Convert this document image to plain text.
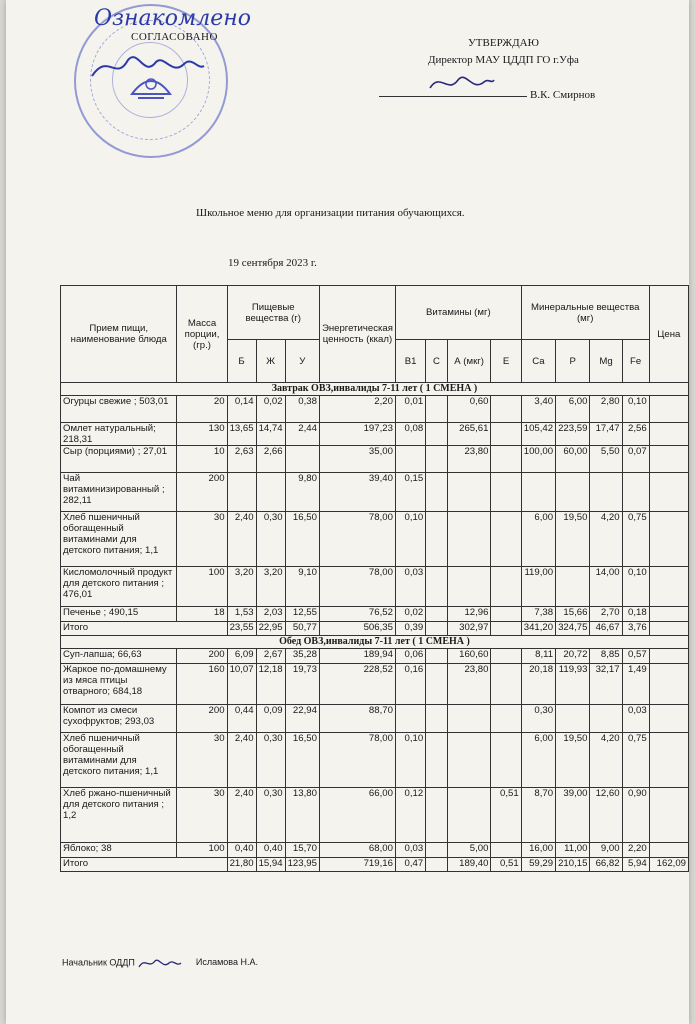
Ознакомлено
СОГЛАСОВАНО	УТВЕРЖДАЮ
Директор МАУ ЦДДП ГО г.Уфа
В.К. Смирнов
Школьное меню для организации питания обучающихся.
19 сентября 2023 г.
Прием пищи, наименование блюда	Масса порции, (гр.)	Пищевые вещества (г)			Энергетическая ценность (ккал)	Витамины (мг)				Минеральные вещества (мг)				Цена
		Б	Ж	У		B1	C	А (мкг)	E	Ca	P	Mg	Fe	
Завтрак ОВЗ,инвалиды 7-11 лет ( 1 СМЕНА )														
Огурцы свежие ; 503,01	20	0,14	0,02	0,38	2,20	0,01		0,60		3,40	6,00	2,80	0,10	
Омлет натуральный; 218,31	130	13,65	14,74	2,44	197,23	0,08		265,61		105,42	223,59	17,47	2,56	
Сыр (порциями) ; 27,01	10	2,63	2,66		35,00			23,80		100,00	60,00	5,50	0,07	
Чай витаминизированный ; 282,11	200			9,80	39,40	0,15								
Хлеб пшеничный обогащенный витаминами для детского питания; 1,1	30	2,40	0,30	16,50	78,00	0,10				6,00	19,50	4,20	0,75	
Кисломолочный продукт для детского питания ; 476,01	100	3,20	3,20	9,10	78,00	0,03				119,00		14,00	0,10	
Печенье ; 490,15	18	1,53	2,03	12,55	76,52	0,02		12,96		7,38	15,66	2,70	0,18	
Итого		23,55	22,95	50,77	506,35	0,39		302,97		341,20	324,75	46,67	3,76	
Обед ОВЗ,инвалиды 7-11 лет ( 1 СМЕНА )														
Суп-лапша; 66,63	200	6,09	2,67	35,28	189,94	0,06		160,60		8,11	20,72	8,85	0,57	
Жаркое по-домашнему из мяса птицы отварного; 684,18	160	10,07	12,18	19,73	228,52	0,16		23,80		20,18	119,93	32,17	1,49	
Компот из смеси сухофруктов; 293,03	200	0,44	0,09	22,94	88,70					0,30			0,03	
Хлеб пшеничный обогащенный витаминами для детского питания; 1,1	30	2,40	0,30	16,50	78,00	0,10				6,00	19,50	4,20	0,75	
Хлеб ржано-пшеничный для детского питания ; 1,2	30	2,40	0,30	13,80	66,00	0,12			0,51	8,70	39,00	12,60	0,90	
Яблоко; 38	100	0,40	0,40	15,70	68,00	0,03		5,00		16,00	11,00	9,00	2,20	
Итого		21,80	15,94	123,95	719,16	0,47		189,40	0,51	59,29	210,15	66,82	5,94	162,09
Начальник ОДДП	Исламова Н.А.
